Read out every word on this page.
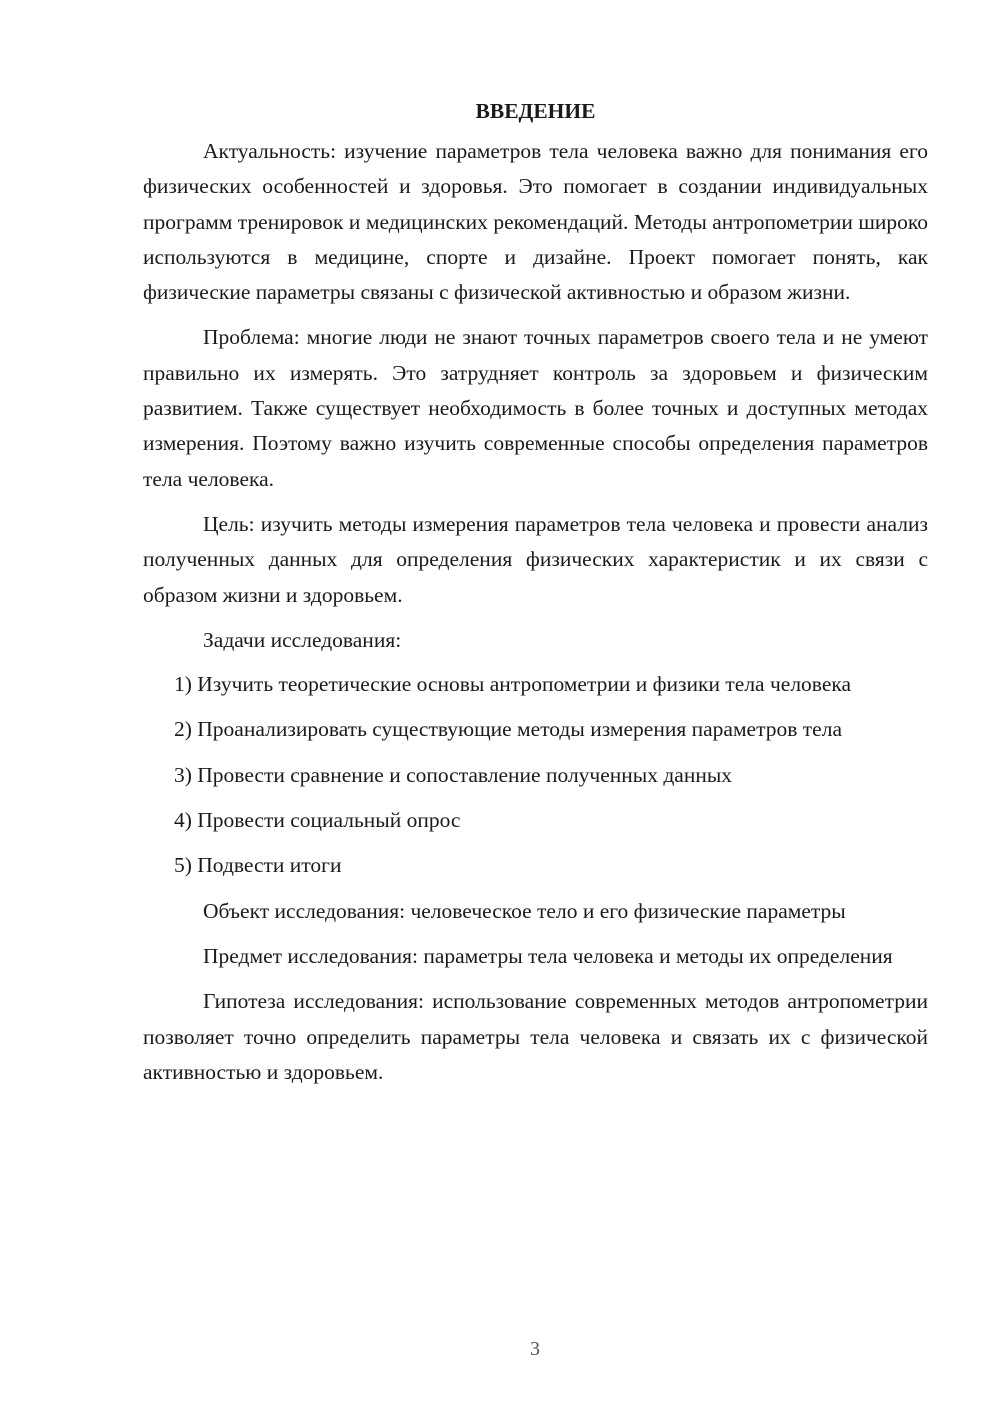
ВВЕДЕНИЕ

Актуальность: изучение параметров тела человека важно для понимания его физических особенностей и здоровья. Это помогает в создании индивидуальных программ тренировок и медицинских рекомендаций. Методы антропометрии широко используются в медицине, спорте и дизайне. Проект помогает понять, как физические параметры связаны с физической активностью и образом жизни.

Проблема: многие люди не знают точных параметров своего тела и не умеют правильно их измерять. Это затрудняет контроль за здоровьем и физическим развитием. Также существует необходимость в более точных и доступных методах измерения. Поэтому важно изучить современные способы определения параметров тела человека.

Цель: изучить методы измерения параметров тела человека и провести анализ полученных данных для определения физических характеристик и их связи с образом жизни и здоровьем.

Задачи исследования:

1) Изучить теоретические основы антропометрии и физики тела человека

2) Проанализировать существующие методы измерения параметров тела

3) Провести сравнение и сопоставление полученных данных

4) Провести социальный опрос

5) Подвести итоги

Объект исследования: человеческое тело и его физические параметры

Предмет исследования: параметры тела человека и методы их определения

Гипотеза исследования: использование современных методов антропометрии позволяет точно определить параметры тела человека и связать их с физической активностью и здоровьем.

3
